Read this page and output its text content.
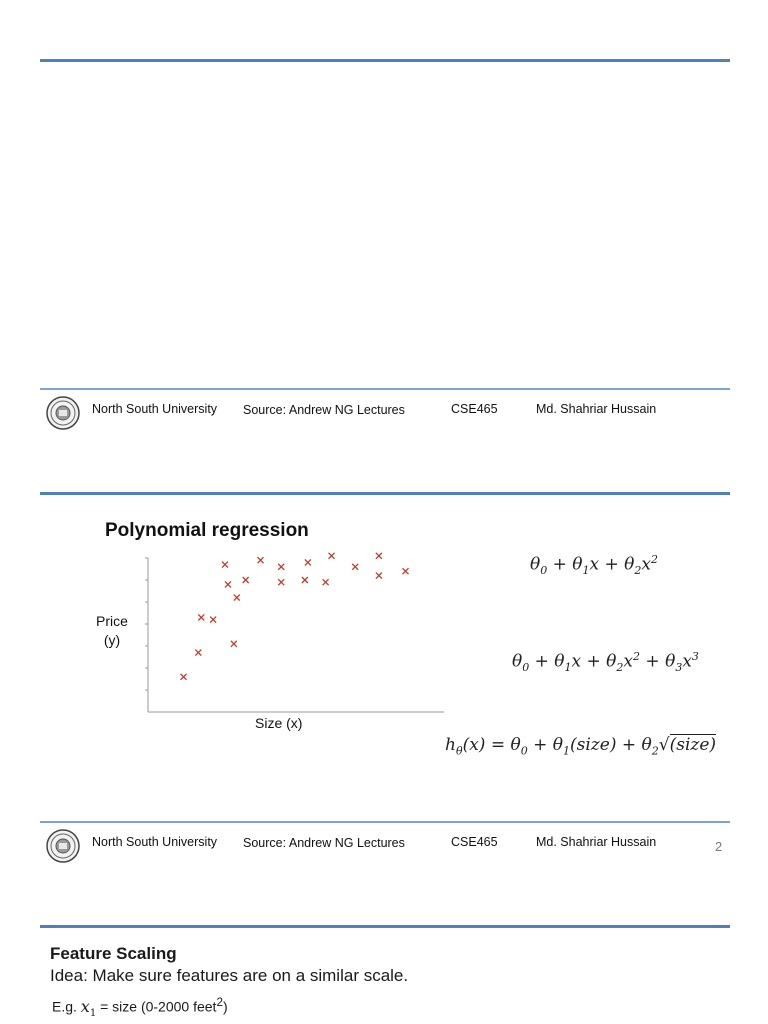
North South University Source: Andrew NG Lectures	CSE465	Md. Shahriar Hussain
Polynomial regression
Price
(y)
Size (x)
$\theta_0 + \theta_1x + \theta_2x^2$
$\theta_0 + \theta_1x + \theta_2x^2 + \theta_3x^3$
$h_\theta(x) = \theta_0$ + $\theta_1(size)$ + $\theta_2√(size)$
North South University Source: Andrew NG Lectures	CSE465	Md. Shahriar Hussain	2
Feature Scaling
Idea: Make sure features are on a similar scale.
E.g. $x_1$ = size (0-2000 feet$^2$)
